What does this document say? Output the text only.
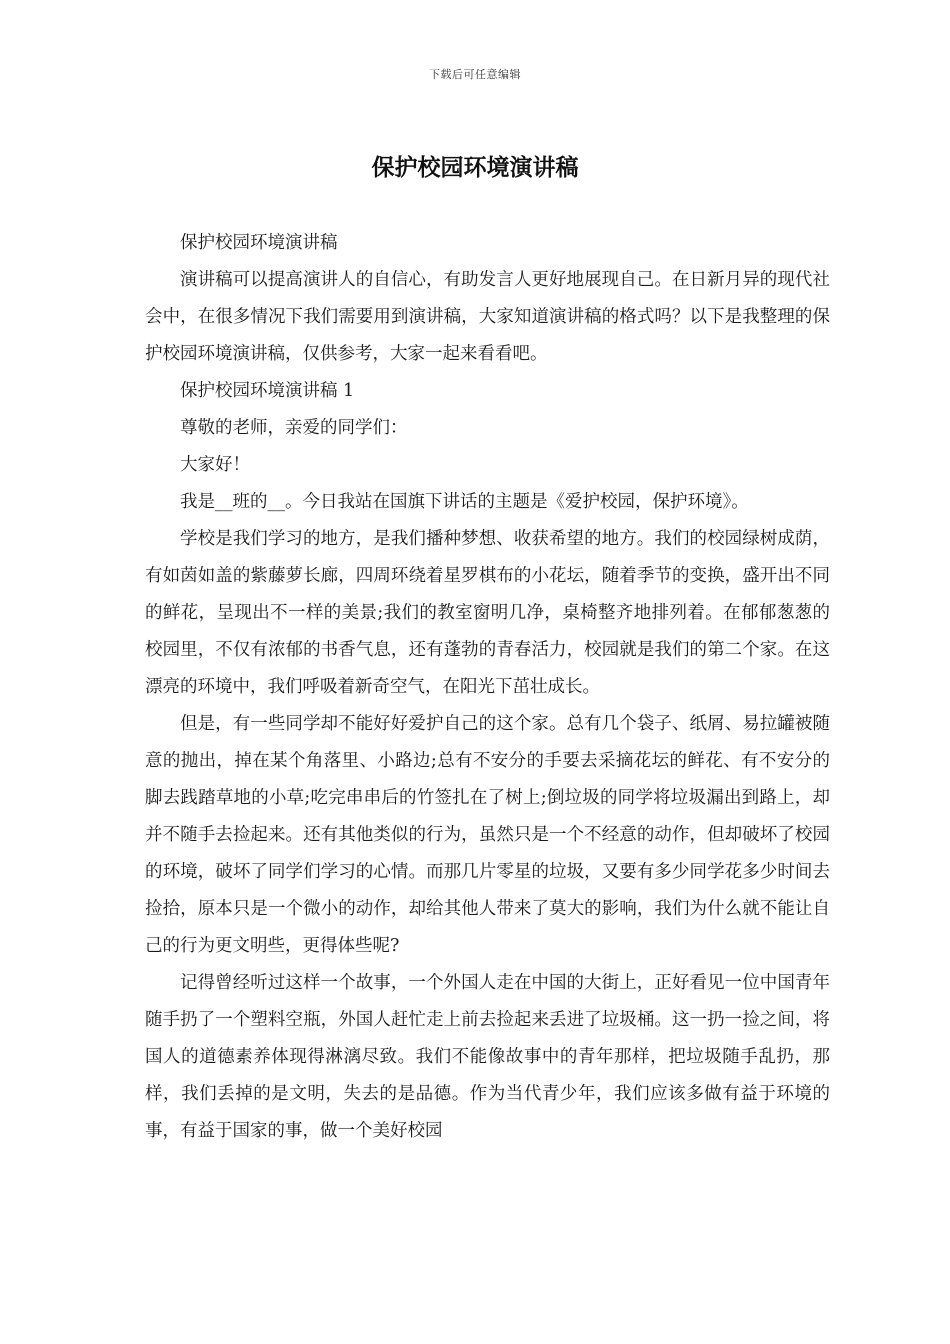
下载后可任意编辑
保护校园环境演讲稿

保护校园环境演讲稿

演讲稿可以提高演讲人的自信心，有助发言人更好地展现自己。在日新月异的现代社会中，在很多情况下我们需要用到演讲稿，大家知道演讲稿的格式吗？以下是我整理的保护校园环境演讲稿，仅供参考，大家一起来看看吧。

保护校园环境演讲稿 1

尊敬的老师，亲爱的同学们：

大家好！

我是__班的__。今日我站在国旗下讲话的主题是《爱护校园，保护环境》。

学校是我们学习的地方，是我们播种梦想、收获希望的地方。我们的校园绿树成荫，有如茵如盖的紫藤萝长廊，四周环绕着星罗棋布的小花坛，随着季节的变换，盛开出不同的鲜花，呈现出不一样的美景;我们的教室窗明几净，桌椅整齐地排列着。在郁郁葱葱的校园里，不仅有浓郁的书香气息，还有蓬勃的青春活力，校园就是我们的第二个家。在这漂亮的环境中，我们呼吸着新奇空气，在阳光下茁壮成长。

但是，有一些同学却不能好好爱护自己的这个家。总有几个袋子、纸屑、易拉罐被随意的抛出，掉在某个角落里、小路边;总有不安分的手要去采摘花坛的鲜花、有不安分的脚去践踏草地的小草;吃完串串后的竹签扎在了树上;倒垃圾的同学将垃圾漏出到路上，却并不随手去捡起来。还有其他类似的行为，虽然只是一个不经意的动作，但却破坏了校园的环境，破坏了同学们学习的心情。而那几片零星的垃圾，又要有多少同学花多少时间去捡拾，原本只是一个微小的动作，却给其他人带来了莫大的影响，我们为什么就不能让自己的行为更文明些，更得体些呢?

记得曾经听过这样一个故事，一个外国人走在中国的大街上，正好看见一位中国青年随手扔了一个塑料空瓶，外国人赶忙走上前去捡起来丢进了垃圾桶。这一扔一捡之间，将国人的道德素养体现得淋漓尽致。我们不能像故事中的青年那样，把垃圾随手乱扔，那样，我们丢掉的是文明，失去的是品德。作为当代青少年，我们应该多做有益于环境的事，有益于国家的事，做一个美好校园
